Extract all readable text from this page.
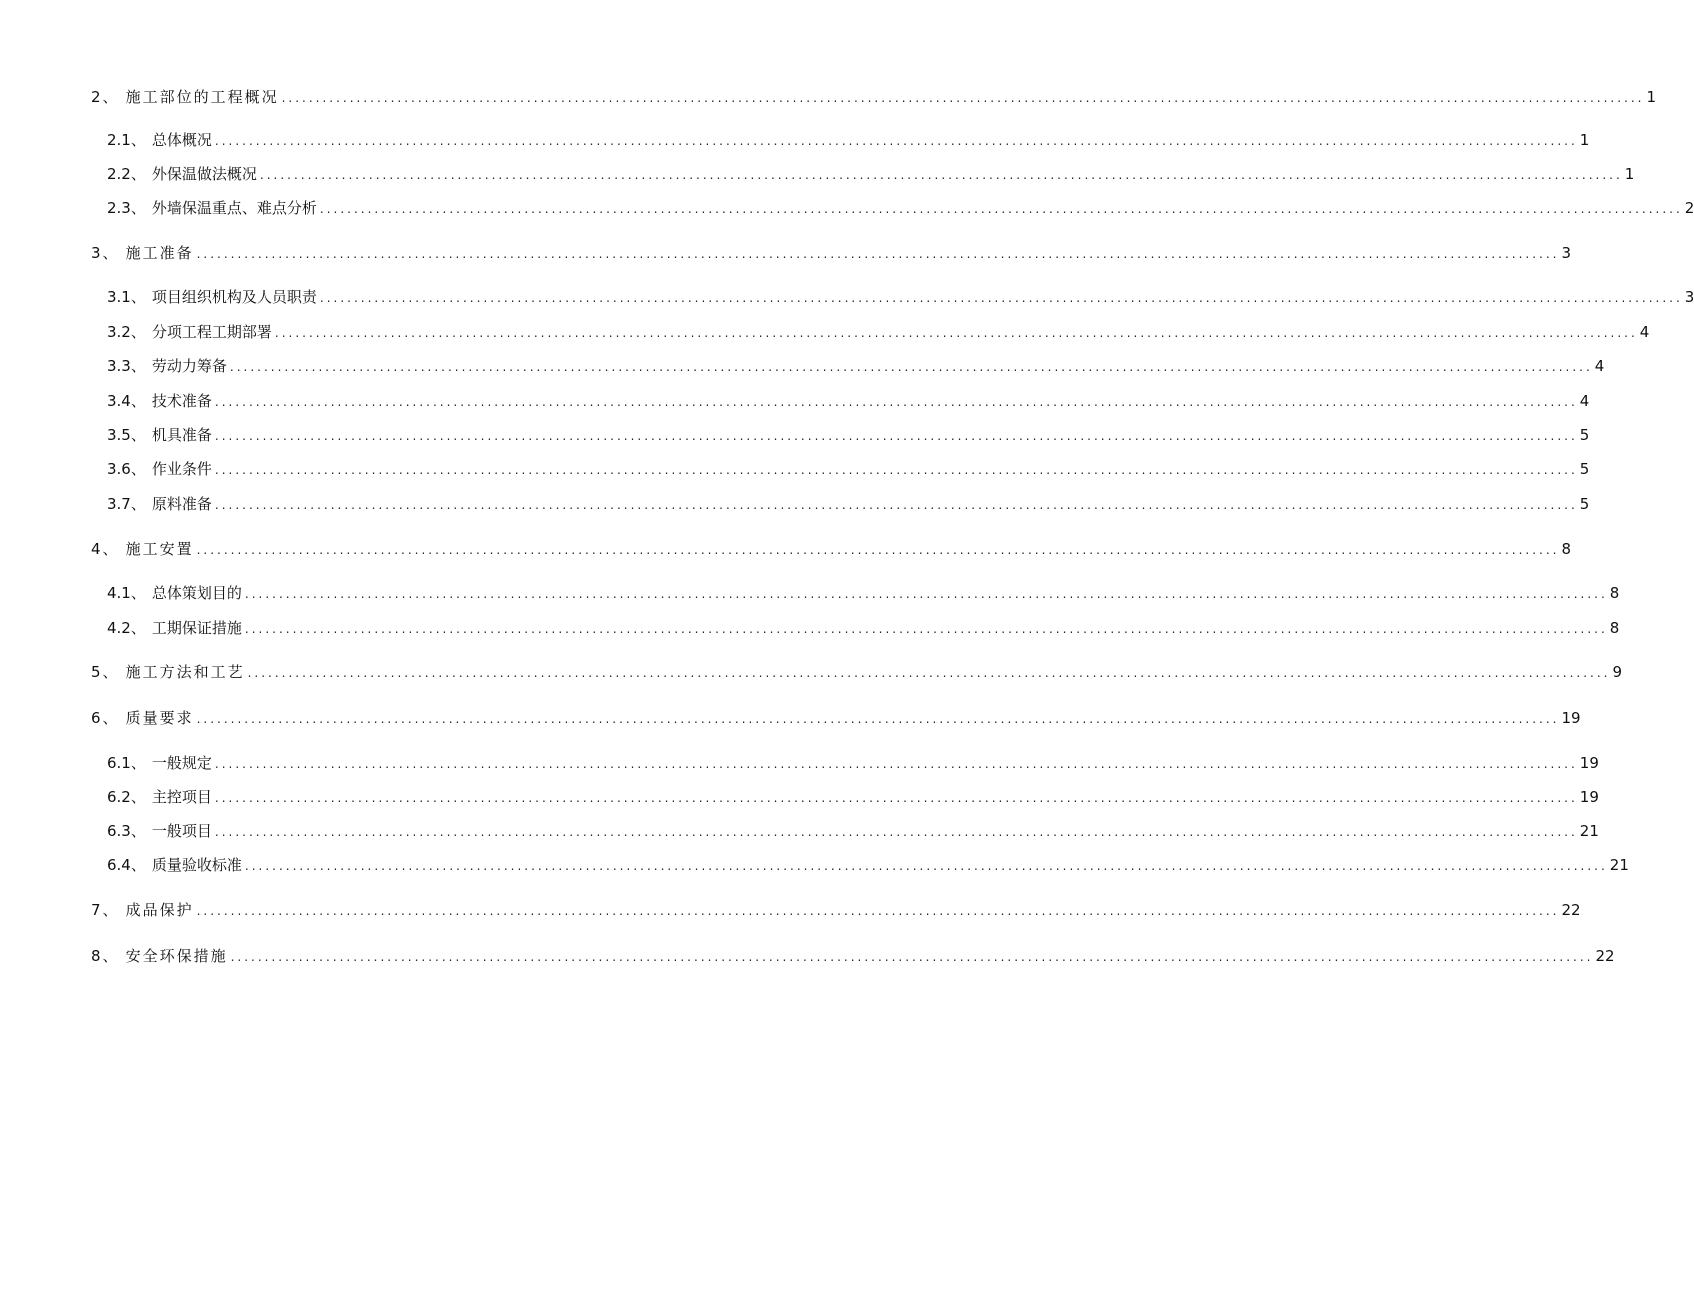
2 、 施工部位的工程概况 ........................................................................................................................................................................................................ 1
2.1 、 总体概况 ........................................................................................................................................................................................................ 1
2.2 、 外保温做法概况 ........................................................................................................................................................................................................ 1
2.3 、 外墙保温重点、难点分析 ........................................................................................................................................................................................................ 2
3 、 施工准备 ........................................................................................................................................................................................................ 3
3.1 、 项目组织机构及人员职责 ........................................................................................................................................................................................................ 3
3.2 、 分项工程工期部署 ........................................................................................................................................................................................................ 4
3.3 、 劳动力筹备 ........................................................................................................................................................................................................ 4
3.4 、 技术准备 ........................................................................................................................................................................................................ 4
3.5 、 机具准备 ........................................................................................................................................................................................................ 5
3.6 、 作业条件 ........................................................................................................................................................................................................ 5
3.7 、 原料准备 ........................................................................................................................................................................................................ 5
4 、 施工安置 ........................................................................................................................................................................................................ 8
4.1 、 总体策划目的 ........................................................................................................................................................................................................ 8
4.2 、 工期保证措施 ........................................................................................................................................................................................................ 8
5 、 施工方法和工艺 ........................................................................................................................................................................................................ 9
6 、 质量要求 ........................................................................................................................................................................................................ 19
6.1 、 一般规定 ........................................................................................................................................................................................................ 19
6.2 、 主控项目 ........................................................................................................................................................................................................ 19
6.3 、 一般项目 ........................................................................................................................................................................................................ 21
6.4 、 质量验收标准 ........................................................................................................................................................................................................ 21
7 、 成品保护 ........................................................................................................................................................................................................ 22
8 、 安全环保措施 ........................................................................................................................................................................................................ 22
